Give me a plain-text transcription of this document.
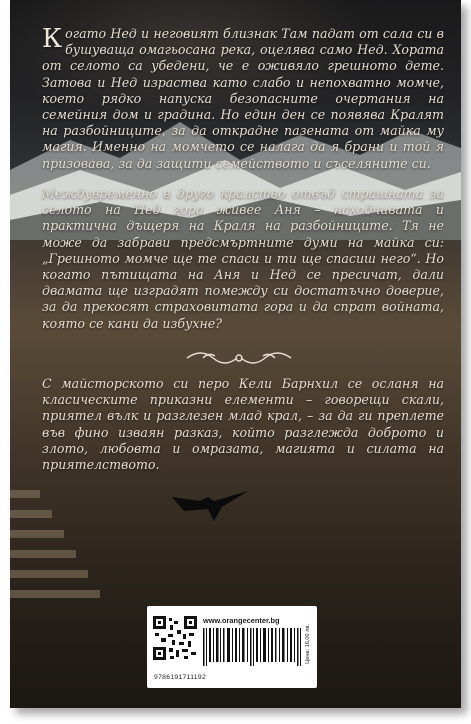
Когато Нед и неговият близнак Там падат от сала си в бушуваща омагьосана река, оцелява само Нед. Хората от селото са убедени, че е оживяло грешното дете. Затова и Нед израства като слабо и непохватно момче, което рядко напуска безопасните очертания на семейния дом и градина. Но един ден се появява Кралят на разбойниците, за да открадне пазената от майка му магия. Именно на момчето се налага да я брани и той я призовава, за да защити семейството и съселяните си.
Междувременно в друго кралство отвъд страшната за селото на Нед гора живее Аня – находчивата и практична дъщеря на Краля на разбойниците. Тя не може да забрави предсмъртните думи на майка си: „Грешното момче ще те спаси и ти ще спасиш него“. Но когато пътищата на Аня и Нед се пресичат, дали двамата ще изградят помежду си достатъчно доверие, за да прекосят страховитата гора и да спрат войната, която се кани да избухне?
С майсторското си перо Кели Барнхил се осланя на класическите приказни елементи – говорещи скали, приятел вълк и разглезен млад крал, – за да ги преплете във фино изваян разказ, който разглежда доброто и злото, любовта и омразата, магията и силата на приятелството.
www.orangecenter.bg
9786191711192
Цена: 16,00 лв.
